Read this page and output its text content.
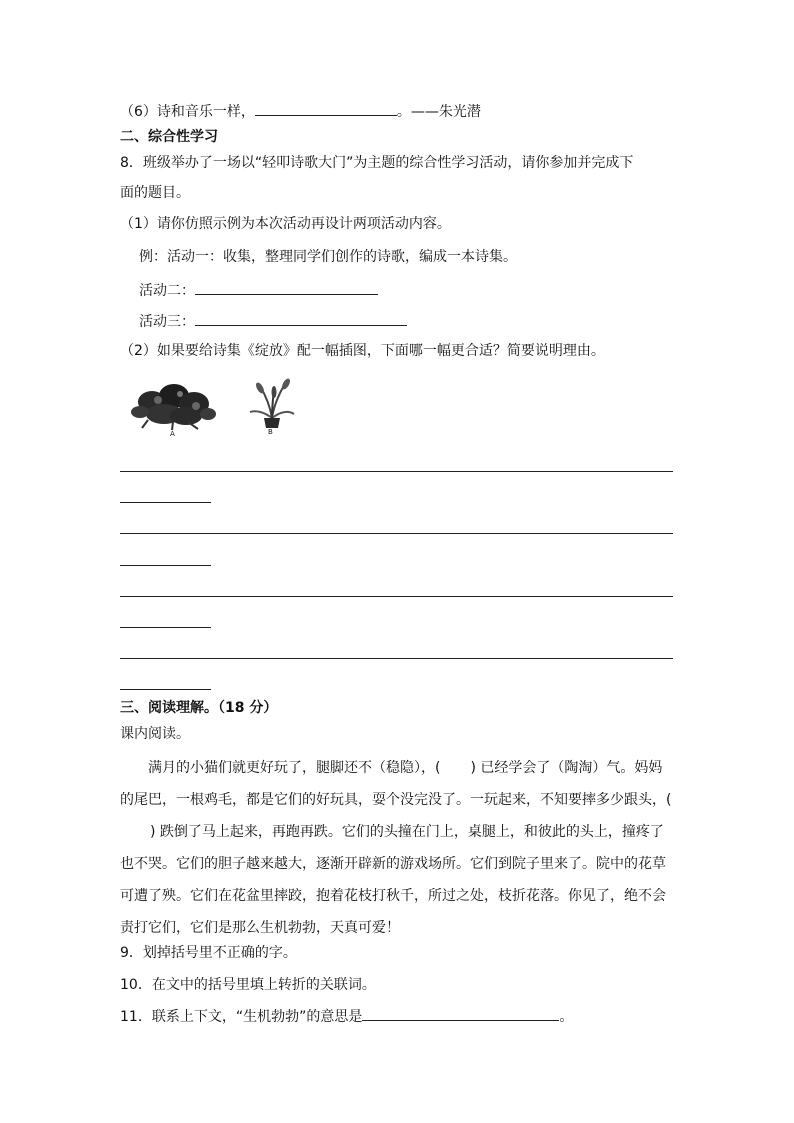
（6）诗和音乐一样，	。——朱光潜
二、综合性学习
8．班级举办了一场以“轻叩诗歌大门”为主题的综合性学习活动，请你参加并完成下
面的题目。
（1）请你仿照示例为本次活动再设计两项活动内容。
例：活动一：收集，整理同学们创作的诗歌，编成一本诗集。
活动二：
活动三：
（2）如果要给诗集《绽放》配一幅插图，下面哪一幅更合适？简要说明理由。
A	B
三、阅读理解。（18 分）
课内阅读。
满月的小猫们就更好玩了，腿脚还不（稳隐），( ) 已经学会了（陶淘）气。妈妈的尾巴，一根鸡毛，都是它们的好玩具，耍个没完没了。一玩起来，不知要摔多少跟头，() 跌倒了马上起来，再跑再跌。它们的头撞在门上，桌腿上，和彼此的头上，撞疼了也不哭。它们的胆子越来越大，逐渐开辟新的游戏场所。它们到院子里来了。院中的花草可遭了殃。它们在花盆里摔跤，抱着花枝打秋千，所过之处，枝折花落。你见了，绝不会责打它们，它们是那么生机勃勃，天真可爱！
9．划掉括号里不正确的字。
10．在文中的括号里填上转折的关联词。
11．联系上下文，“生机勃勃”的意思是	。
